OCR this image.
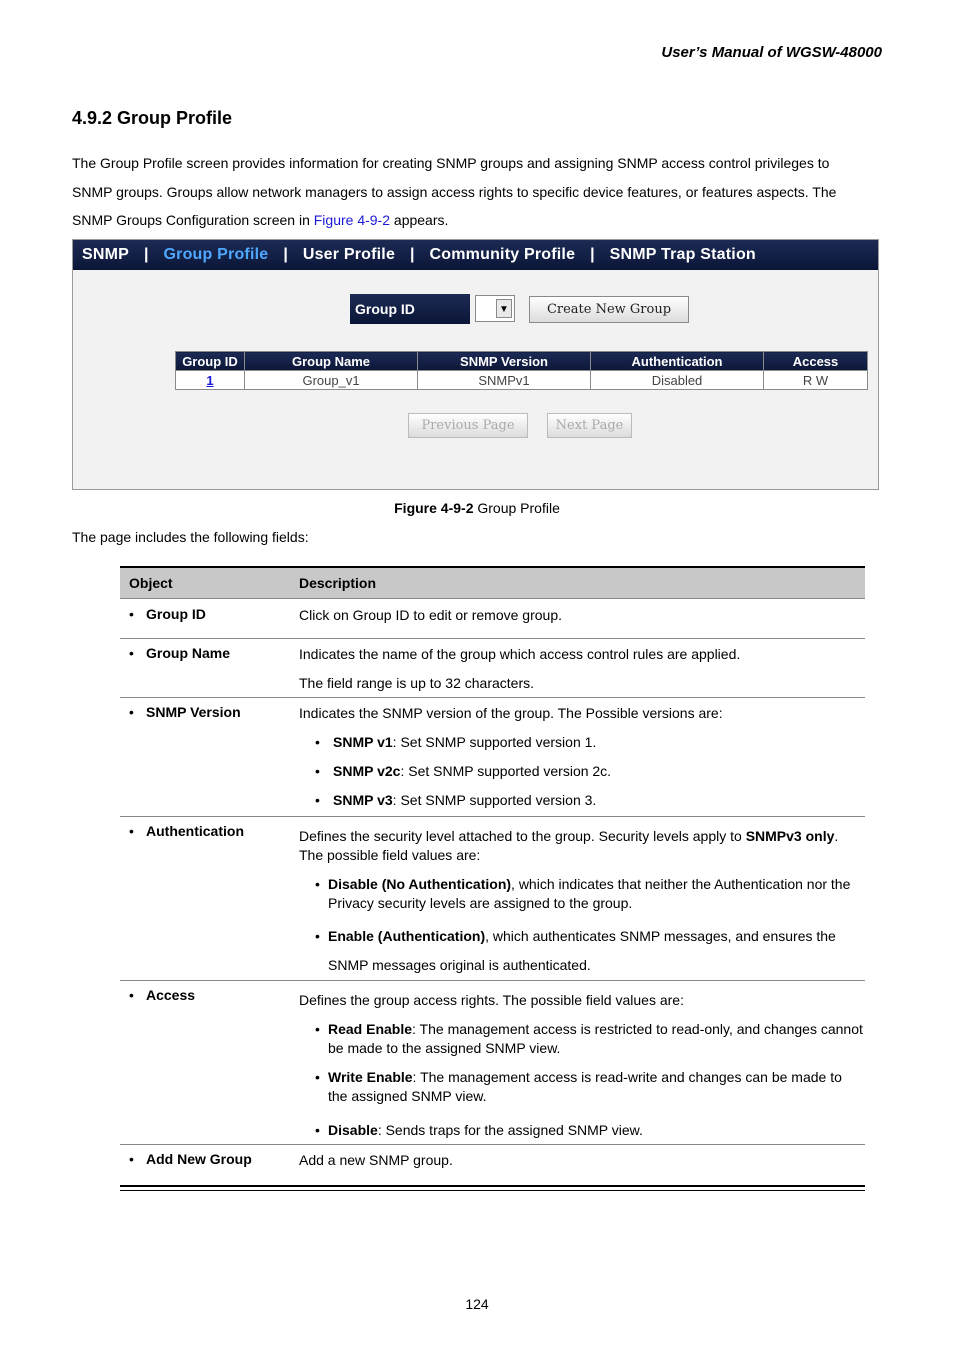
User’s Manual of WGSW-48000
4.9.2 Group Profile
The Group Profile screen provides information for creating SNMP groups and assigning SNMP access control privileges to SNMP groups. Groups allow network managers to assign access rights to specific device features, or features aspects. The SNMP Groups Configuration screen in Figure 4-9-2 appears.
SNMP | Group Profile | User Profile | Community Profile | SNMP Trap Station
Group ID	▼	Create New Group
Group ID	Group Name	SNMP Version	Authentication	Access
1	Group_v1	SNMPv1	Disabled	R W
Previous Page	Next Page
Figure 4-9-2 Group Profile
The page includes the following fields:
Object	Description
• Group ID	Click on Group ID to edit or remove group.

• Group Name	Indicates the name of the group which access control rules are applied.

The field range is up to 32 characters.

• SNMP Version	Indicates the SNMP version of the group. The Possible versions are:

• SNMP v1: Set SNMP supported version 1.
• SNMP v2c: Set SNMP supported version 2c.
• SNMP v3: Set SNMP supported version 3.
• Authentication	Defines the security level attached to the group. Security levels apply to SNMPv3 only. The possible field values are:

• Disable (No Authentication), which indicates that neither the Authentication nor the Privacy security levels are assigned to the group.
• Enable (Authentication), which authenticates SNMP messages, and ensures the

SNMP messages original is authenticated.

• Access	Defines the group access rights. The possible field values are:

• Read Enable: The management access is restricted to read-only, and changes cannot be made to the assigned SNMP view.
• Write Enable: The management access is read-write and changes can be made to the assigned SNMP view.
• Disable: Sends traps for the assigned SNMP view.
• Add New Group	Add a new SNMP group.

124
